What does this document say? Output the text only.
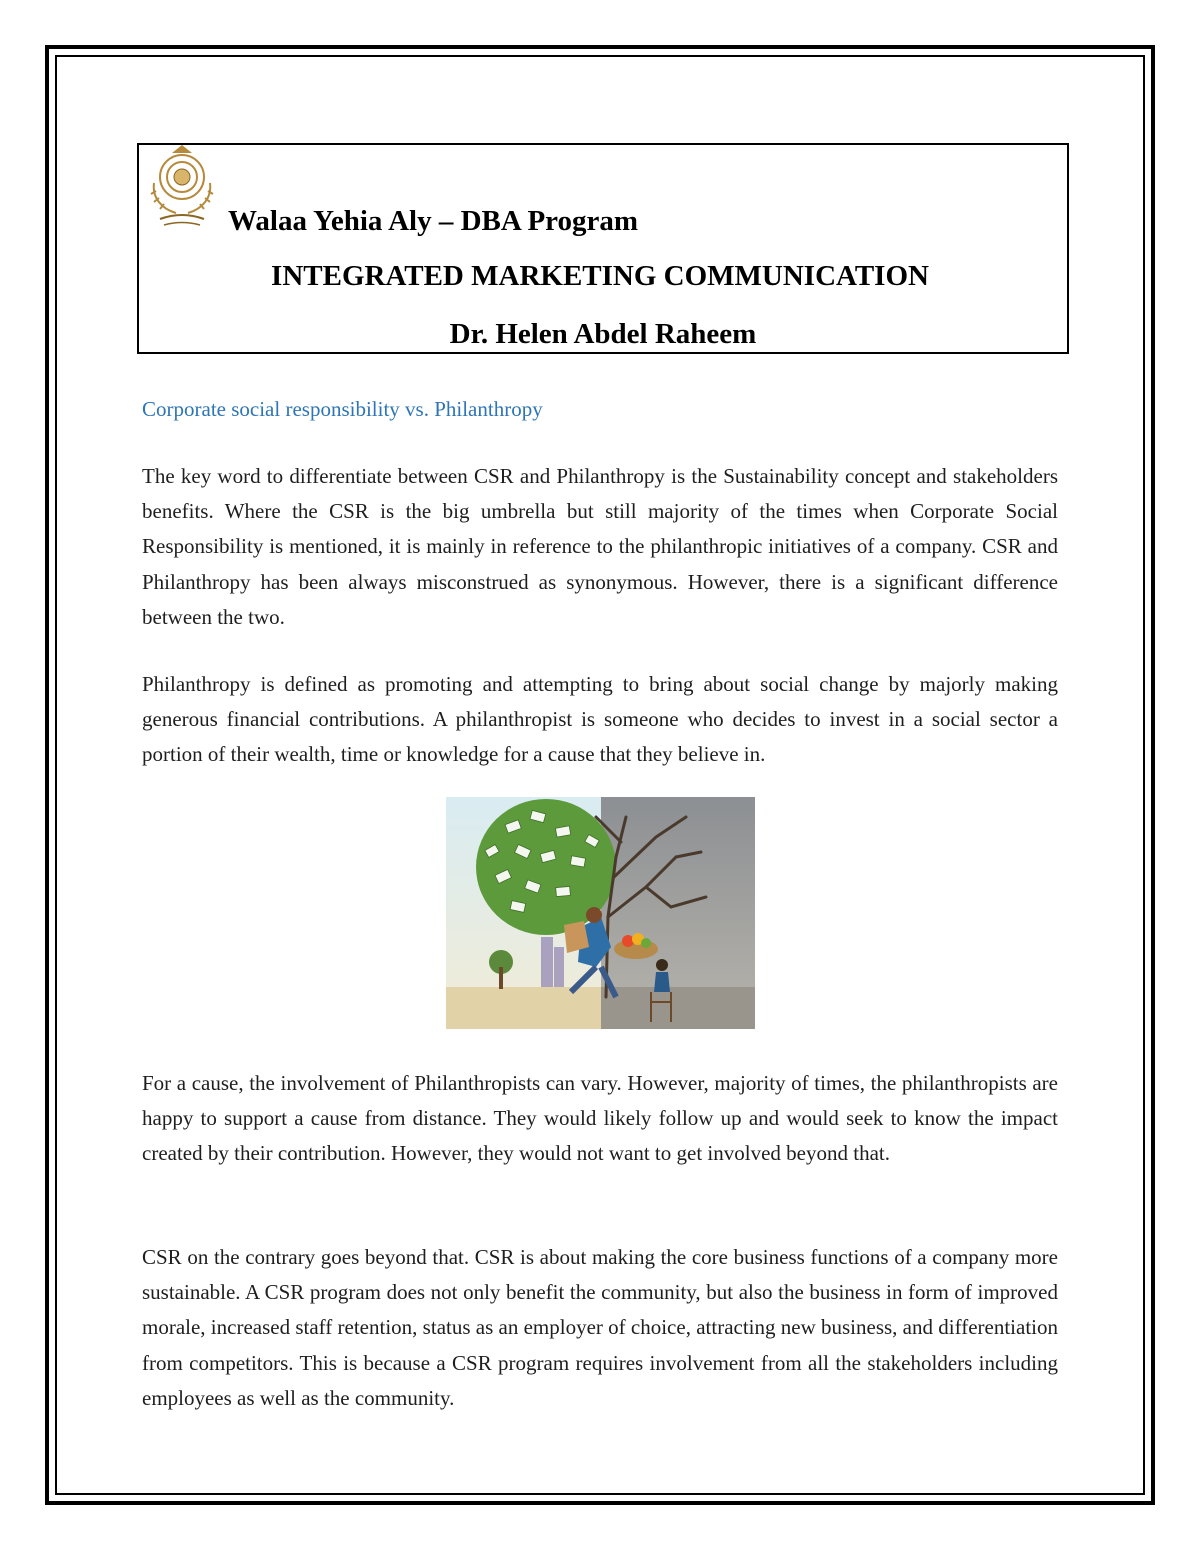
Walaa Yehia Aly – DBA Program
INTEGRATED MARKETING COMMUNICATION
Dr. Helen Abdel Raheem
Corporate social responsibility vs. Philanthropy

The key word to differentiate between CSR and Philanthropy is the Sustainability concept and stakeholders benefits. Where the CSR is the big umbrella but still majority of the times when Corporate Social Responsibility is mentioned, it is mainly in reference to the philanthropic initiatives of a company. CSR and Philanthropy has been always misconstrued as synonymous. However, there is a significant difference between the two.

Philanthropy is defined as promoting and attempting to bring about social change by majorly making generous financial contributions. A philanthropist is someone who decides to invest in a social sector a portion of their wealth, time or knowledge for a cause that they believe in.

For a cause, the involvement of Philanthropists can vary. However, majority of times, the philanthropists are happy to support a cause from distance. They would likely follow up and would seek to know the impact created by their contribution. However, they would not want to get involved beyond that.

CSR on the contrary goes beyond that. CSR is about making the core business functions of a company more sustainable. A CSR program does not only benefit the community, but also the business in form of improved morale, increased staff retention, status as an employer of choice, attracting new business, and differentiation from competitors. This is because a CSR program requires involvement from all the stakeholders including employees as well as the community.
